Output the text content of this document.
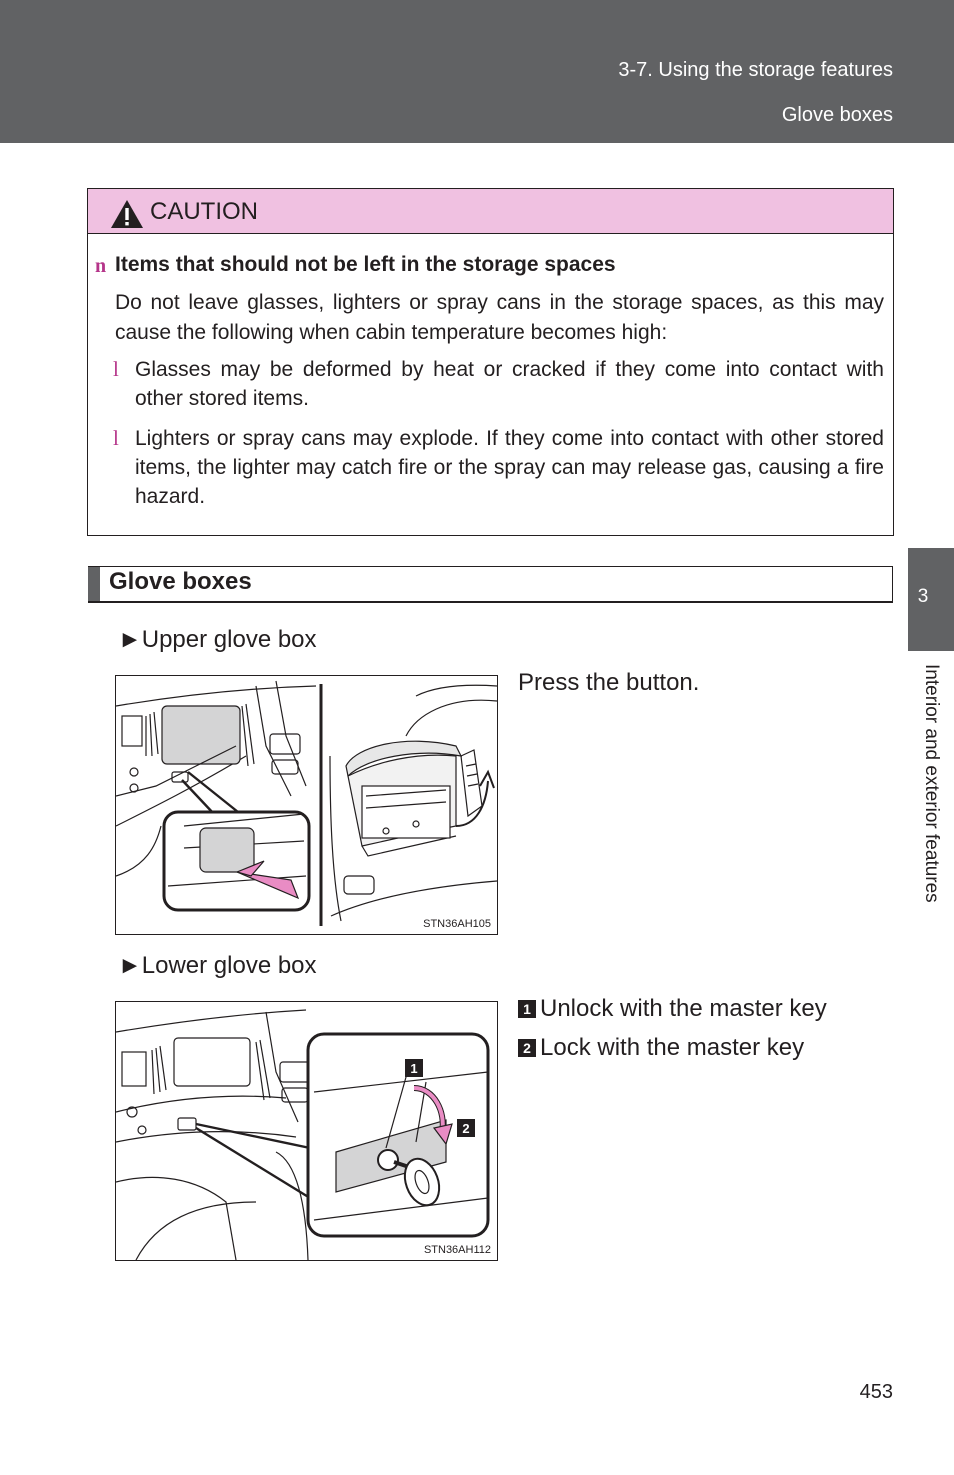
3-7. Using the storage features
Glove boxes
3
Interior and exterior features
CAUTION
n Items that should not be left in the storage spaces
Do not leave glasses, lighters or spray cans in the storage spaces, as this may cause the following when cabin temperature becomes high:
l Glasses may be deformed by heat or cracked if they come into contact with other stored items.
l Lighters or spray cans may explode. If they come into contact with other stored items, the lighter may catch fire or the spray can may release gas, causing a fire hazard.
Glove boxes
►Upper glove box
STN36AH105
Press the button.
►Lower glove box
1
2
STN36AH112
1 Unlock with the master key
2 Lock with the master key
453
